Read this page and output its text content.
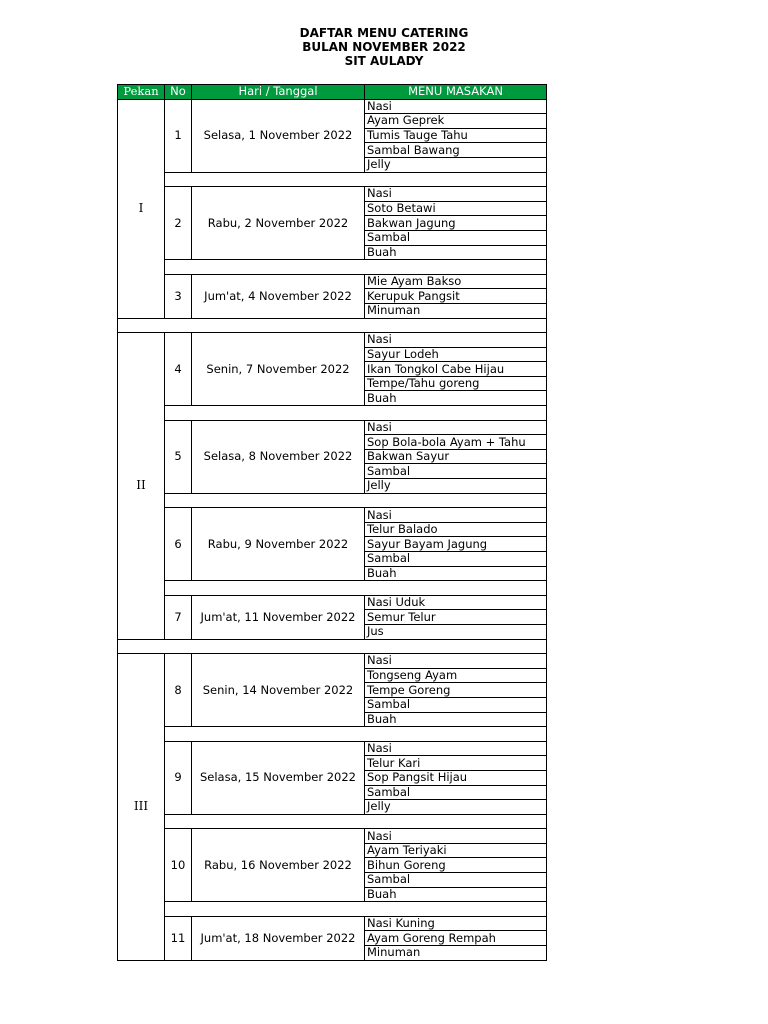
DAFTAR MENU CATERING
BULAN NOVEMBER 2022
SIT AULADY
Pekan	No	Hari / Tanggal	MENU MASAKAN
I	1	Selasa, 1 November 2022	Nasi
			Ayam Geprek
			Tumis Tauge Tahu
			Sambal Bawang
			Jelly

	2	Rabu, 2 November 2022	Nasi
			Soto Betawi
			Bakwan Jagung
			Sambal
			Buah

	3	Jum'at, 4 November 2022	Mie Ayam Bakso
			Kerupuk Pangsit
			Minuman

II	4	Senin, 7 November 2022	Nasi
			Sayur Lodeh
			Ikan Tongkol Cabe Hijau
			Tempe/Tahu goreng
			Buah

	5	Selasa, 8 November 2022	Nasi
			Sop Bola-bola Ayam + Tahu
			Bakwan Sayur
			Sambal
			Jelly

	6	Rabu, 9 November 2022	Nasi
			Telur Balado
			Sayur Bayam Jagung
			Sambal
			Buah

	7	Jum'at, 11 November 2022	Nasi Uduk
			Semur Telur
			Jus

III	8	Senin, 14 November 2022	Nasi
			Tongseng Ayam
			Tempe Goreng
			Sambal
			Buah

	9	Selasa, 15 November 2022	Nasi
			Telur Kari
			Sop Pangsit Hijau
			Sambal
			Jelly

	10	Rabu, 16 November 2022	Nasi
			Ayam Teriyaki
			Bihun Goreng
			Sambal
			Buah

	11	Jum'at, 18 November 2022	Nasi Kuning
			Ayam Goreng Rempah
			Minuman
